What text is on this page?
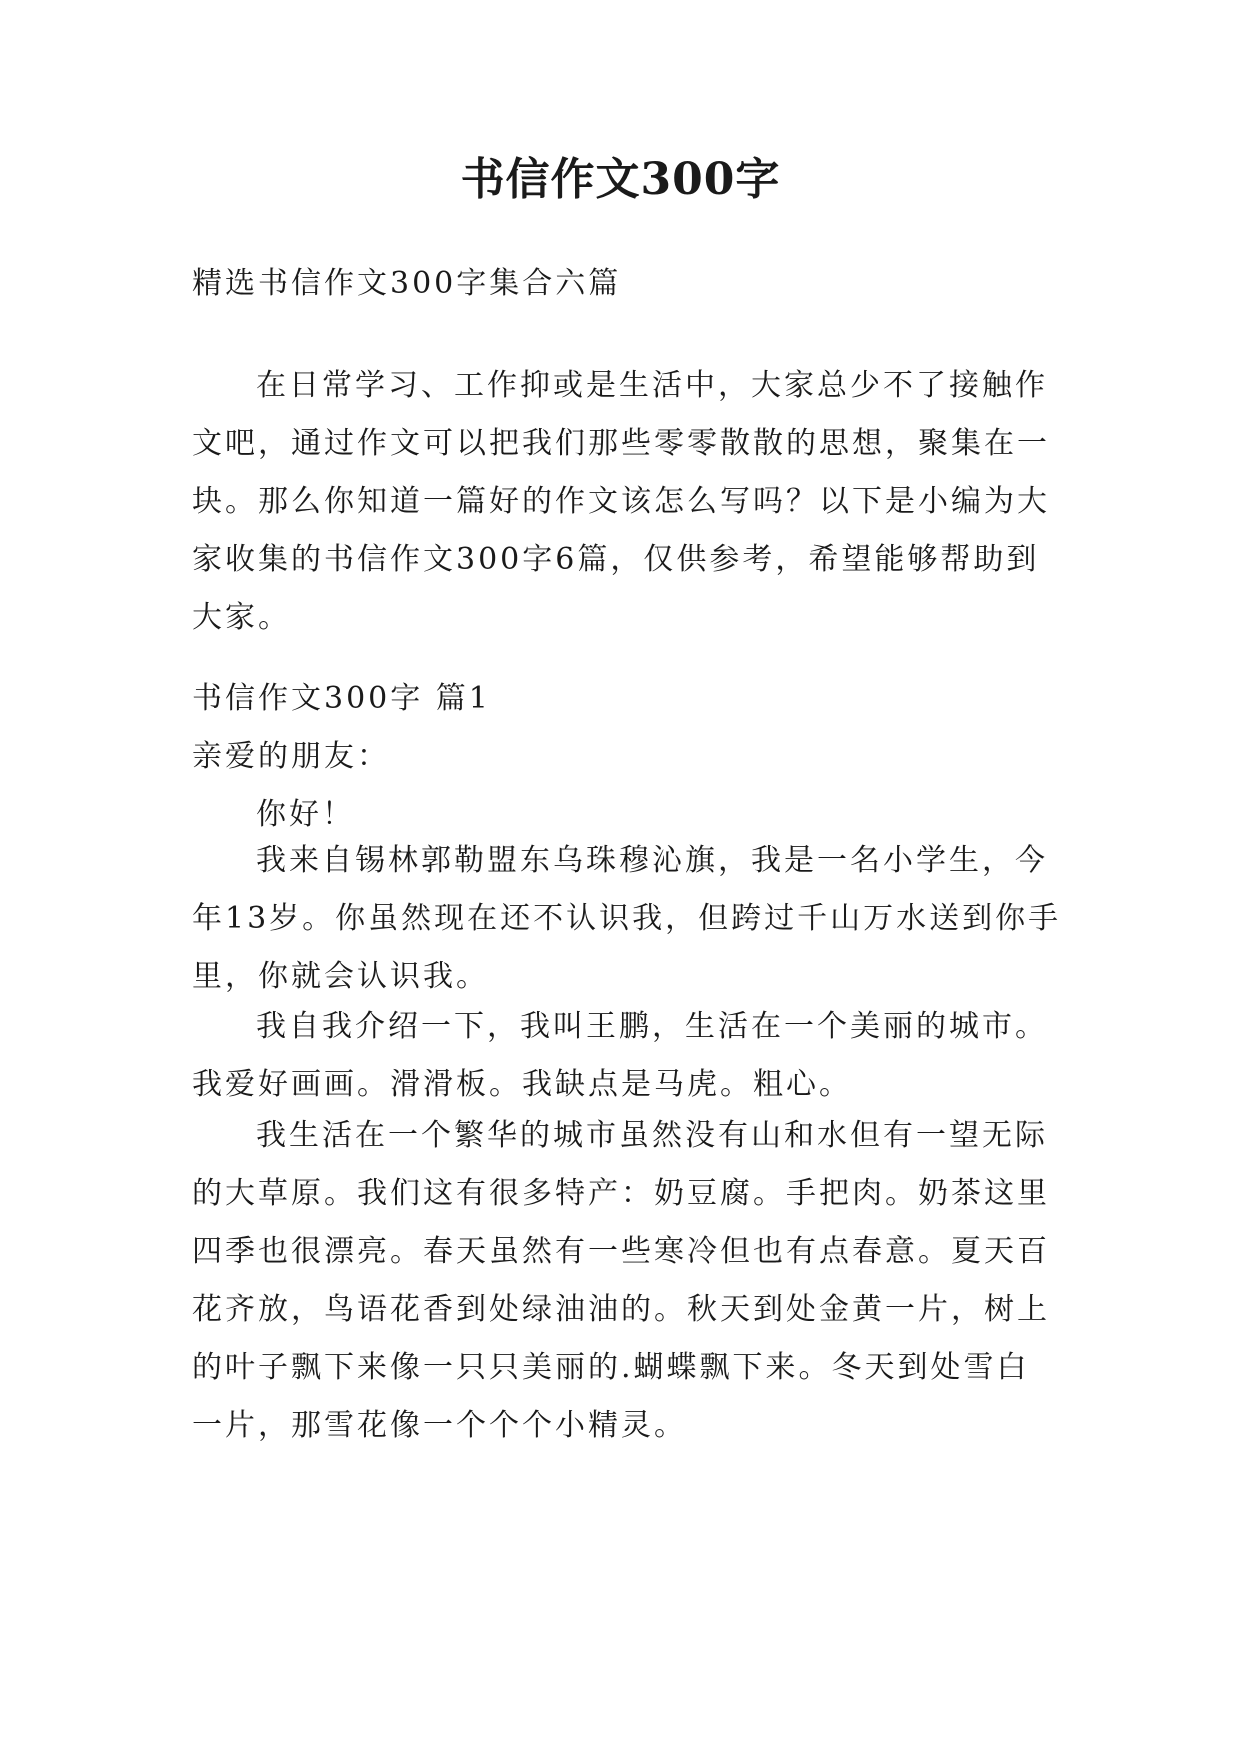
书信作文300字
精选书信作文300字集合六篇
在日常学习、工作抑或是生活中，大家总少不了接触作文吧，通过作文可以把我们那些零零散散的思想，聚集在一块。那么你知道一篇好的作文该怎么写吗？以下是小编为大家收集的书信作文300字6篇，仅供参考，希望能够帮助到大家。
书信作文300字 篇1
亲爱的朋友：
你好！
我来自锡林郭勒盟东乌珠穆沁旗，我是一名小学生，今年13岁。你虽然现在还不认识我，但跨过千山万水送到你手里，你就会认识我。
我自我介绍一下，我叫王鹏，生活在一个美丽的城市。我爱好画画。滑滑板。我缺点是马虎。粗心。
我生活在一个繁华的城市虽然没有山和水但有一望无际的大草原。我们这有很多特产：奶豆腐。手把肉。奶茶这里四季也很漂亮。春天虽然有一些寒冷但也有点春意。夏天百花齐放，鸟语花香到处绿油油的。秋天到处金黄一片，树上的叶子飘下来像一只只美丽的.蝴蝶飘下来。冬天到处雪白一片，那雪花像一个个个小精灵。
